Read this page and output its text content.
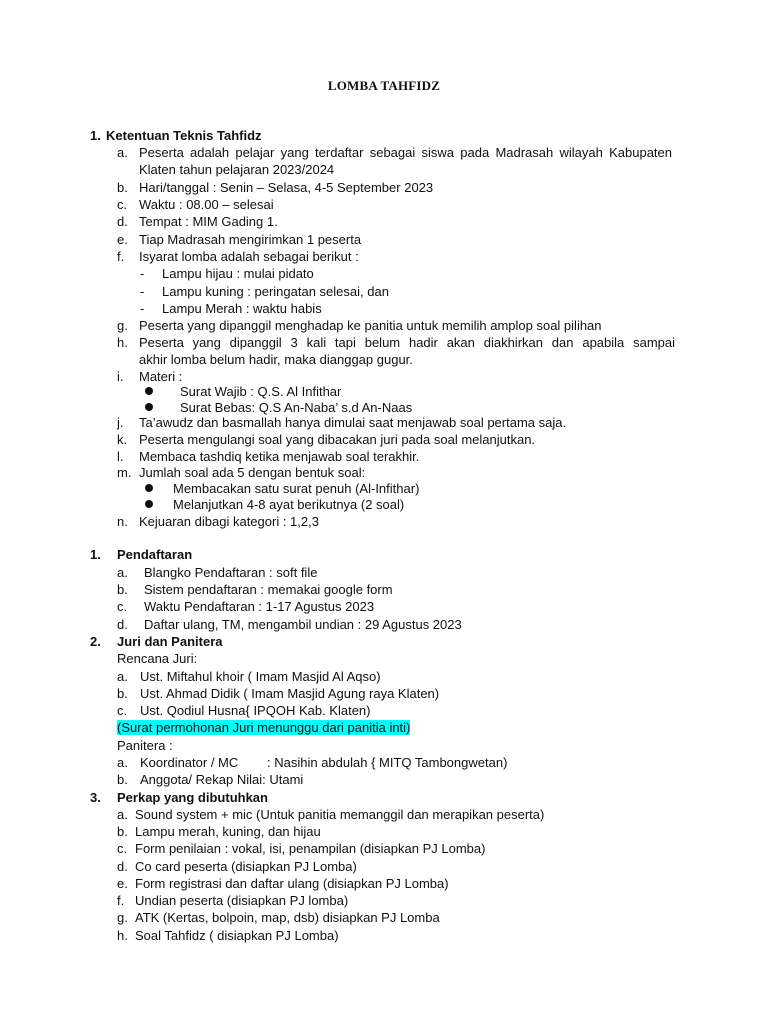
LOMBA TAHFIDZ
1. Ketentuan Teknis Tahfidz
a. Peserta adalah pelajar yang terdaftar sebagai siswa pada Madrasah wilayah Kabupaten
Klaten tahun pelajaran 2023/2024
b. Hari/tanggal : Senin – Selasa, 4-5 September 2023
c. Waktu : 08.00 – selesai
d. Tempat : MIM Gading 1.
e. Tiap Madrasah mengirimkan 1 peserta
f. Isyarat lomba adalah sebagai berikut :
- Lampu hijau : mulai pidato
- Lampu kuning : peringatan selesai, dan
- Lampu Merah : waktu habis
g. Peserta yang dipanggil menghadap ke panitia untuk memilih amplop soal pilihan
h. Peserta yang dipanggil 3 kali tapi belum hadir akan diakhirkan dan apabila sampai
akhir lomba belum hadir, maka dianggap gugur.
i. Materi :
Surat Wajib : Q.S. Al Infithar
Surat Bebas: Q.S An-Naba’ s.d An-Naas
j. Ta’awudz dan basmallah hanya dimulai saat menjawab soal pertama saja.
k. Peserta mengulangi soal yang dibacakan juri pada soal melanjutkan.
l. Membaca tashdiq ketika menjawab soal terakhir.
m. Jumlah soal ada 5 dengan bentuk soal:
Membacakan satu surat penuh (Al-Infithar)
Melanjutkan 4-8 ayat berikutnya (2 soal)
n. Kejuaran dibagi kategori : 1,2,3
1. Pendaftaran
a. Blangko Pendaftaran : soft file
b. Sistem pendaftaran : memakai google form
c. Waktu Pendaftaran : 1-17 Agustus 2023
d. Daftar ulang, TM, mengambil undian : 29 Agustus 2023
2. Juri dan Panitera
Rencana Juri:
a. Ust. Miftahul khoir ( Imam Masjid Al Aqso)
b. Ust. Ahmad Didik ( Imam Masjid Agung raya Klaten)
c. Ust. Qodiul Husna{ IPQOH Kab. Klaten)
(Surat permohonan Juri menunggu dari panitia inti)
Panitera :
a. Koordinator / MC : Nasihin abdulah { MITQ Tambongwetan)
b. Anggota/ Rekap Nilai: Utami
3. Perkap yang dibutuhkan
a. Sound system + mic (Untuk panitia memanggil dan merapikan peserta)
b. Lampu merah, kuning, dan hijau
c. Form penilaian : vokal, isi, penampilan (disiapkan PJ Lomba)
d. Co card peserta (disiapkan PJ Lomba)
e. Form registrasi dan daftar ulang (disiapkan PJ Lomba)
f. Undian peserta (disiapkan PJ lomba)
g. ATK (Kertas, bolpoin, map, dsb) disiapkan PJ Lomba
h. Soal Tahfidz ( disiapkan PJ Lomba)
